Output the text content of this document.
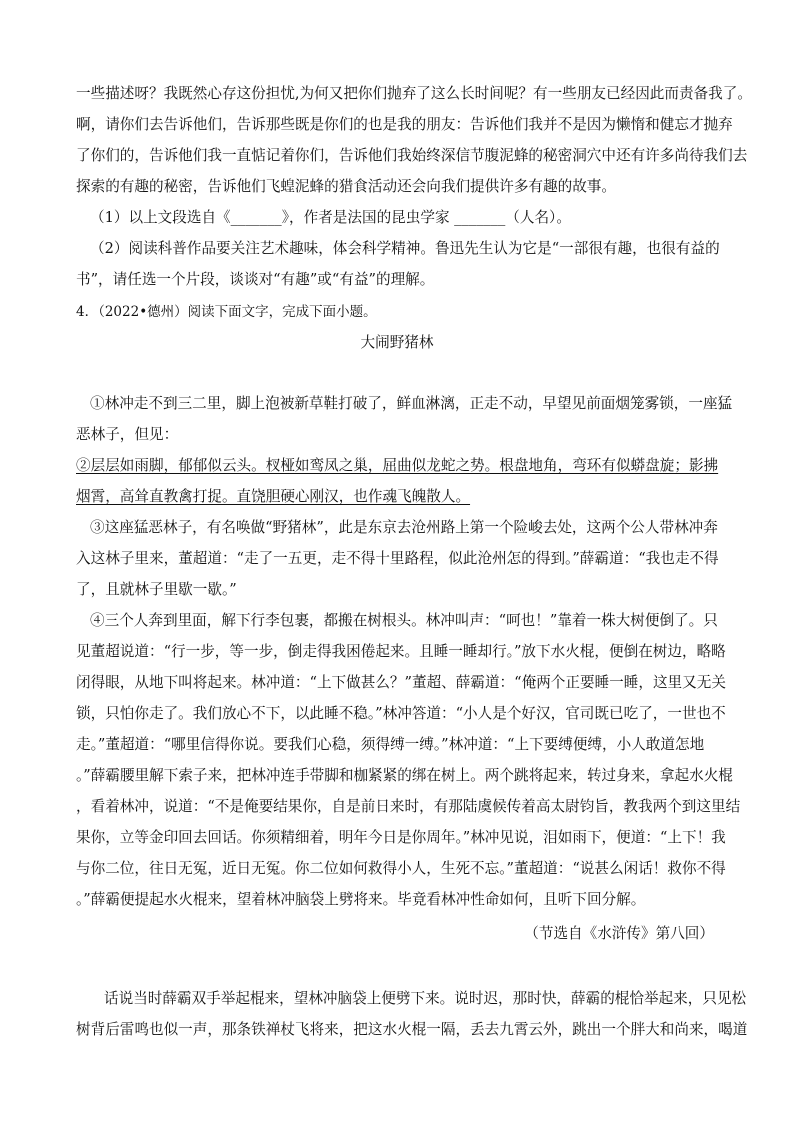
一些描述呀？我既然心存这份担忧,为何又把你们抛弃了这么长时间呢？有一些朋友已经因此而责备我了。
啊，请你们去告诉他们，告诉那些既是你们的也是我的朋友：告诉他们我并不是因为懒惰和健忘才抛弃
了你们的，告诉他们我一直惦记着你们，告诉他们我始终深信节腹泥蜂的秘密洞穴中还有许多尚待我们去
探索的有趣的秘密，告诉他们飞蝗泥蜂的猎食活动还会向我们提供许多有趣的故事。
（1）以上文段选自《_______》，作者是法国的昆虫学家 _______（人名）。
（2）阅读科普作品要关注艺术趣味，体会科学精神。鲁迅先生认为它是“一部很有趣，也很有益的
书”，请任选一个片段，谈谈对“有趣”或“有益”的理解。
4．（2022•德州）阅读下面文字，完成下面小题。
大闹野猪林
①林冲走不到三二里，脚上泡被新草鞋打破了，鲜血淋漓，正走不动，早望见前面烟笼雾锁，一座猛
恶林子，但见：
②层层如雨脚，郁郁似云头。杈桠如鸾凤之巢，屈曲似龙蛇之势。根盘地角，弯环有似蟒盘旋；影拂
烟霄，高耸直教禽打捉。直饶胆硬心刚汉，也作魂飞魄散人。
③这座猛恶林子，有名唤做“野猪林”，此是东京去沧州路上第一个险峻去处，这两个公人带林冲奔
入这林子里来，董超道：“走了一五更，走不得十里路程，似此沧州怎的得到。”薛霸道：“我也走不得
了，且就林子里歇一歇。”
④三个人奔到里面，解下行李包裹，都搬在树根头。林冲叫声：“呵也！”靠着一株大树便倒了。只
见董超说道：“行一步，等一步，倒走得我困倦起来。且睡一睡却行。”放下水火棍，便倒在树边，略略
闭得眼，从地下叫将起来。林冲道：“上下做甚么？”董超、薛霸道：“俺两个正要睡一睡，这里又无关
锁，只怕你走了。我们放心不下，以此睡不稳。”林冲答道：“小人是个好汉，官司既已吃了，一世也不
走。”董超道：“哪里信得你说。要我们心稳，须得缚一缚。”林冲道：“上下要缚便缚，小人敢道怎地
。”薛霸腰里解下索子来，把林冲连手带脚和枷紧紧的绑在树上。两个跳将起来，转过身来，拿起水火棍
，看着林冲，说道：“不是俺要结果你，自是前日来时，有那陆虞候传着高太尉钧旨，教我两个到这里结
果你，立等金印回去回话。你须精细着，明年今日是你周年。”林冲见说，泪如雨下，便道：“上下！我
与你二位，往日无冤，近日无冤。你二位如何救得小人，生死不忘。”董超道：“说甚么闲话！救你不得
。”薛霸便提起水火棍来，望着林冲脑袋上劈将来。毕竟看林冲性命如何，且听下回分解。
（节选自《水浒传》第八回）
话说当时薛霸双手举起棍来，望林冲脑袋上便劈下来。说时迟，那时快，薛霸的棍恰举起来，只见松
树背后雷鸣也似一声，那条铁禅杖飞将来，把这水火棍一隔，丢去九霄云外，跳出一个胖大和尚来，喝道
